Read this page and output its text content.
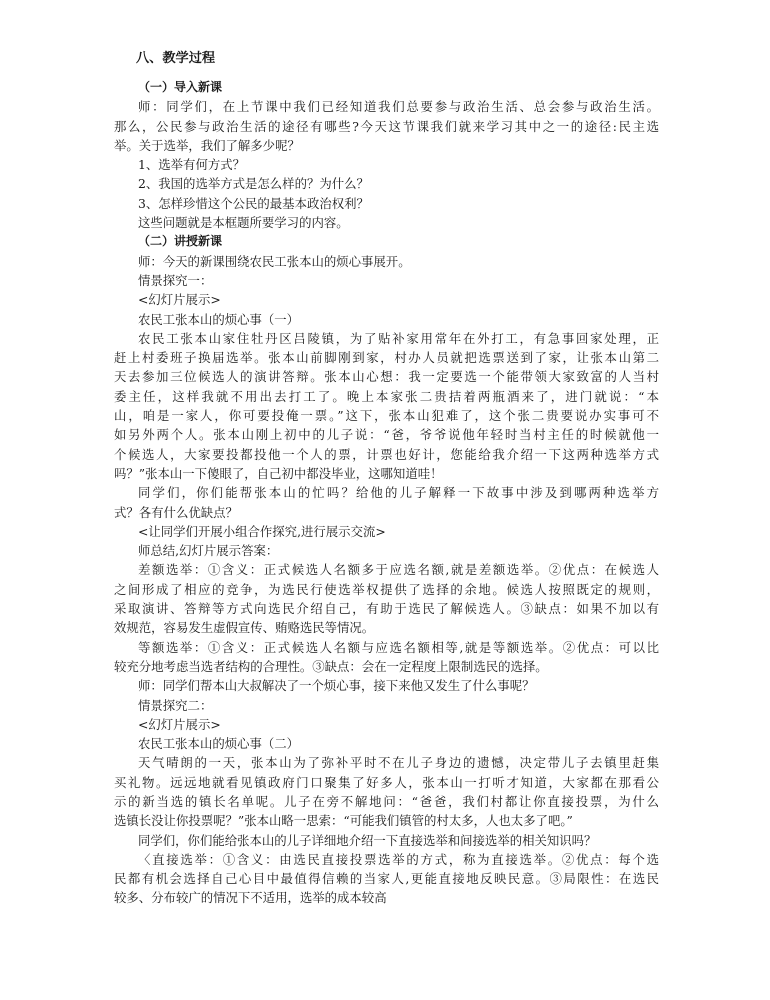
八、教学过程
（一）导入新课
师：同学们，在上节课中我们已经知道我们总要参与政治生活、总会参与政治生活。
那么，公民参与政治生活的途径有哪些?今天这节课我们就来学习其中之一的途径:民主选
举。关于选举，我们了解多少呢？
1、选举有何方式？
2、我国的选举方式是怎么样的？为什么？
3、怎样珍惜这个公民的最基本政治权利？
这些问题就是本框题所要学习的内容。
（二）讲授新课
师：今天的新课围绕农民工张本山的烦心事展开。
情景探究一：
<幻灯片展示>
农民工张本山的烦心事（一）
农民工张本山家住牡丹区吕陵镇，为了贴补家用常年在外打工，有急事回家处理，正
赶上村委班子换届选举。张本山前脚刚到家，村办人员就把选票送到了家，让张本山第二
天去参加三位候选人的演讲答辩。张本山心想：我一定要选一个能带领大家致富的人当村
委主任，这样我就不用出去打工了。晚上本家张二贵拮着两瓶酒来了，进门就说：“本
山，咱是一家人，你可要投俺一票。”这下，张本山犯难了，这个张二贵要说办实事可不
如另外两个人。张本山刚上初中的儿子说：“爸，爷爷说他年轻时当村主任的时候就他一
个候选人，大家要投都投他一个人的票，计票也好计，您能给我介绍一下这两种选举方式
吗？”张本山一下傻眼了，自己初中都没毕业，这哪知道哇！
同学们，你们能帮张本山的忙吗？给他的儿子解释一下故事中涉及到哪两种选举方
式？各有什么优缺点？
<让同学们开展小组合作探究,进行展示交流>
师总结,幻灯片展示答案：
差额选举：①含义：正式候选人名额多于应选名额,就是差额选举。②优点：在候选人
之间形成了相应的竞争，为选民行使选举权提供了选择的余地。候选人按照既定的规则，
采取演讲、答辩等方式向选民介绍自己，有助于选民了解候选人。③缺点：如果不加以有
效规范，容易发生虚假宣传、贿赂选民等情况。
等额选举：①含义：正式候选人名额与应选名额相等,就是等额选举。②优点：可以比
较充分地考虑当选者结构的合理性。③缺点：会在一定程度上限制选民的选择。
师：同学们帮本山大叔解决了一个烦心事，接下来他又发生了什么事呢？
情景探究二：
<幻灯片展示>
农民工张本山的烦心事（二）
天气晴朗的一天，张本山为了弥补平时不在儿子身边的遗憾，决定带儿子去镇里赶集
买礼物。远远地就看见镇政府门口聚集了好多人，张本山一打听才知道，大家都在那看公
示的新当选的镇长名单呢。儿子在旁不解地问：“爸爸，我们村都让你直接投票，为什么
选镇长没让你投票呢？”张本山略一思索：“可能我们镇管的村太多，人也太多了吧。”
同学们，你们能给张本山的儿子详细地介绍一下直接选举和间接选举的相关知识吗？
〈直接选举：①含义：由选民直接投票选举的方式，称为直接选举。②优点：每个选
民都有机会选择自己心目中最值得信赖的当家人,更能直接地反映民意。③局限性：在选民
较多、分布较广的情况下不适用，选举的成本较高
